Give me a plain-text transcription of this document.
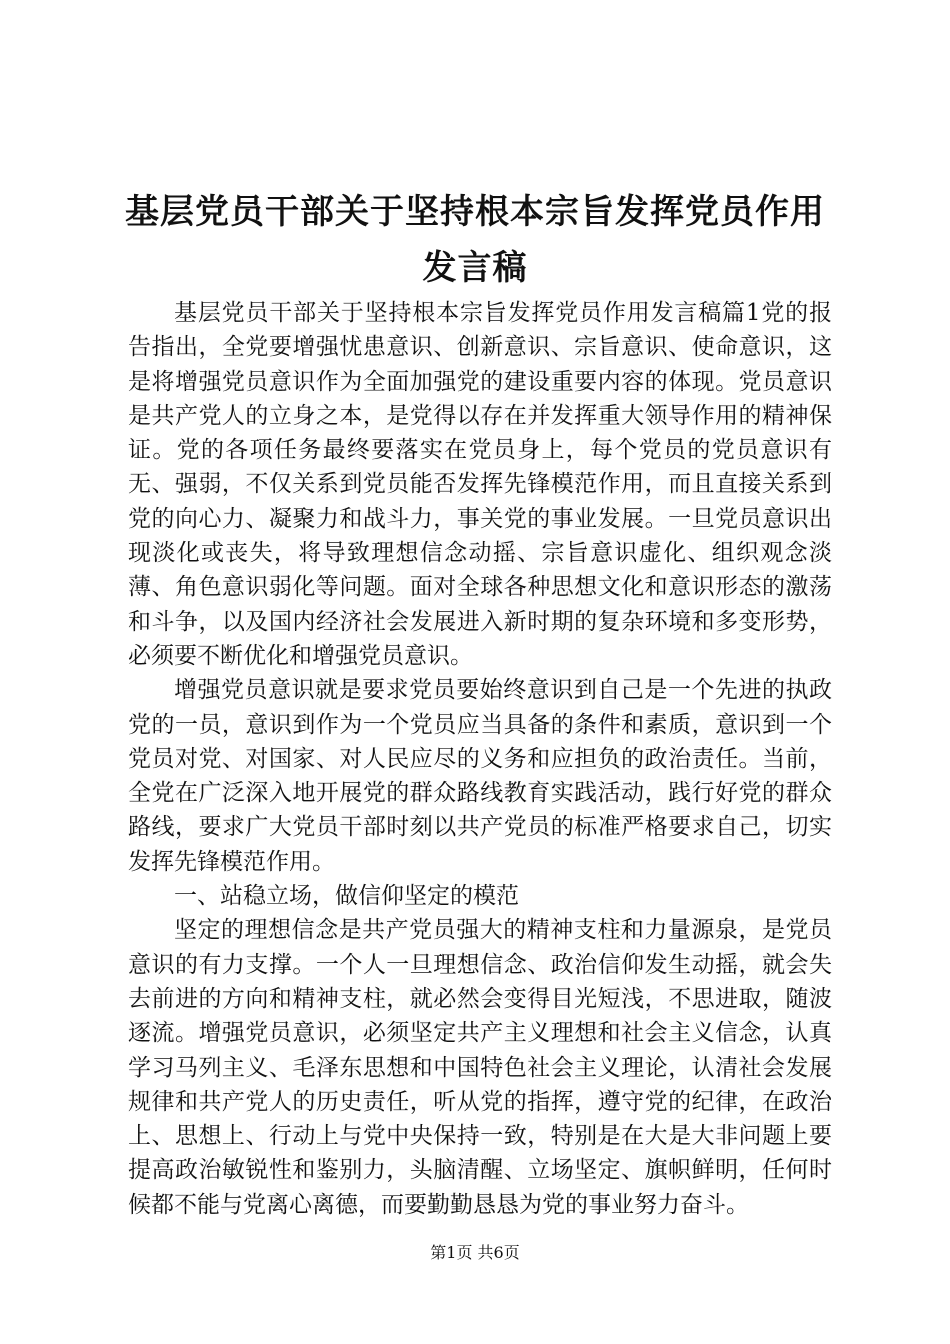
基层党员干部关于坚持根本宗旨发挥党员作用
发言稿

基层党员干部关于坚持根本宗旨发挥党员作用发言稿篇1党的报告指出，全党要增强忧患意识、创新意识、宗旨意识、使命意识，这是将增强党员意识作为全面加强党的建设重要内容的体现。党员意识是共产党人的立身之本，是党得以存在并发挥重大领导作用的精神保证。党的各项任务最终要落实在党员身上，每个党员的党员意识有无、强弱，不仅关系到党员能否发挥先锋模范作用，而且直接关系到党的向心力、凝聚力和战斗力，事关党的事业发展。一旦党员意识出现淡化或丧失，将导致理想信念动摇、宗旨意识虚化、组织观念淡薄、角色意识弱化等问题。面对全球各种思想文化和意识形态的激荡和斗争，以及国内经济社会发展进入新时期的复杂环境和多变形势，必须要不断优化和增强党员意识。

增强党员意识就是要求党员要始终意识到自己是一个先进的执政党的一员，意识到作为一个党员应当具备的条件和素质，意识到一个党员对党、对国家、对人民应尽的义务和应担负的政治责任。当前，全党在广泛深入地开展党的群众路线教育实践活动，践行好党的群众路线，要求广大党员干部时刻以共产党员的标准严格要求自己，切实发挥先锋模范作用。

一、站稳立场，做信仰坚定的模范

坚定的理想信念是共产党员强大的精神支柱和力量源泉，是党员意识的有力支撑。一个人一旦理想信念、政治信仰发生动摇，就会失去前进的方向和精神支柱，就必然会变得目光短浅，不思进取，随波逐流。增强党员意识，必须坚定共产主义理想和社会主义信念，认真学习马列主义、毛泽东思想和中国特色社会主义理论，认清社会发展规律和共产党人的历史责任，听从党的指挥，遵守党的纪律，在政治上、思想上、行动上与党中央保持一致，特别是在大是大非问题上要提高政治敏锐性和鉴别力，头脑清醒、立场坚定、旗帜鲜明，任何时候都不能与党离心离德，而要勤勤恳恳为党的事业努力奋斗。

第1页 共6页
